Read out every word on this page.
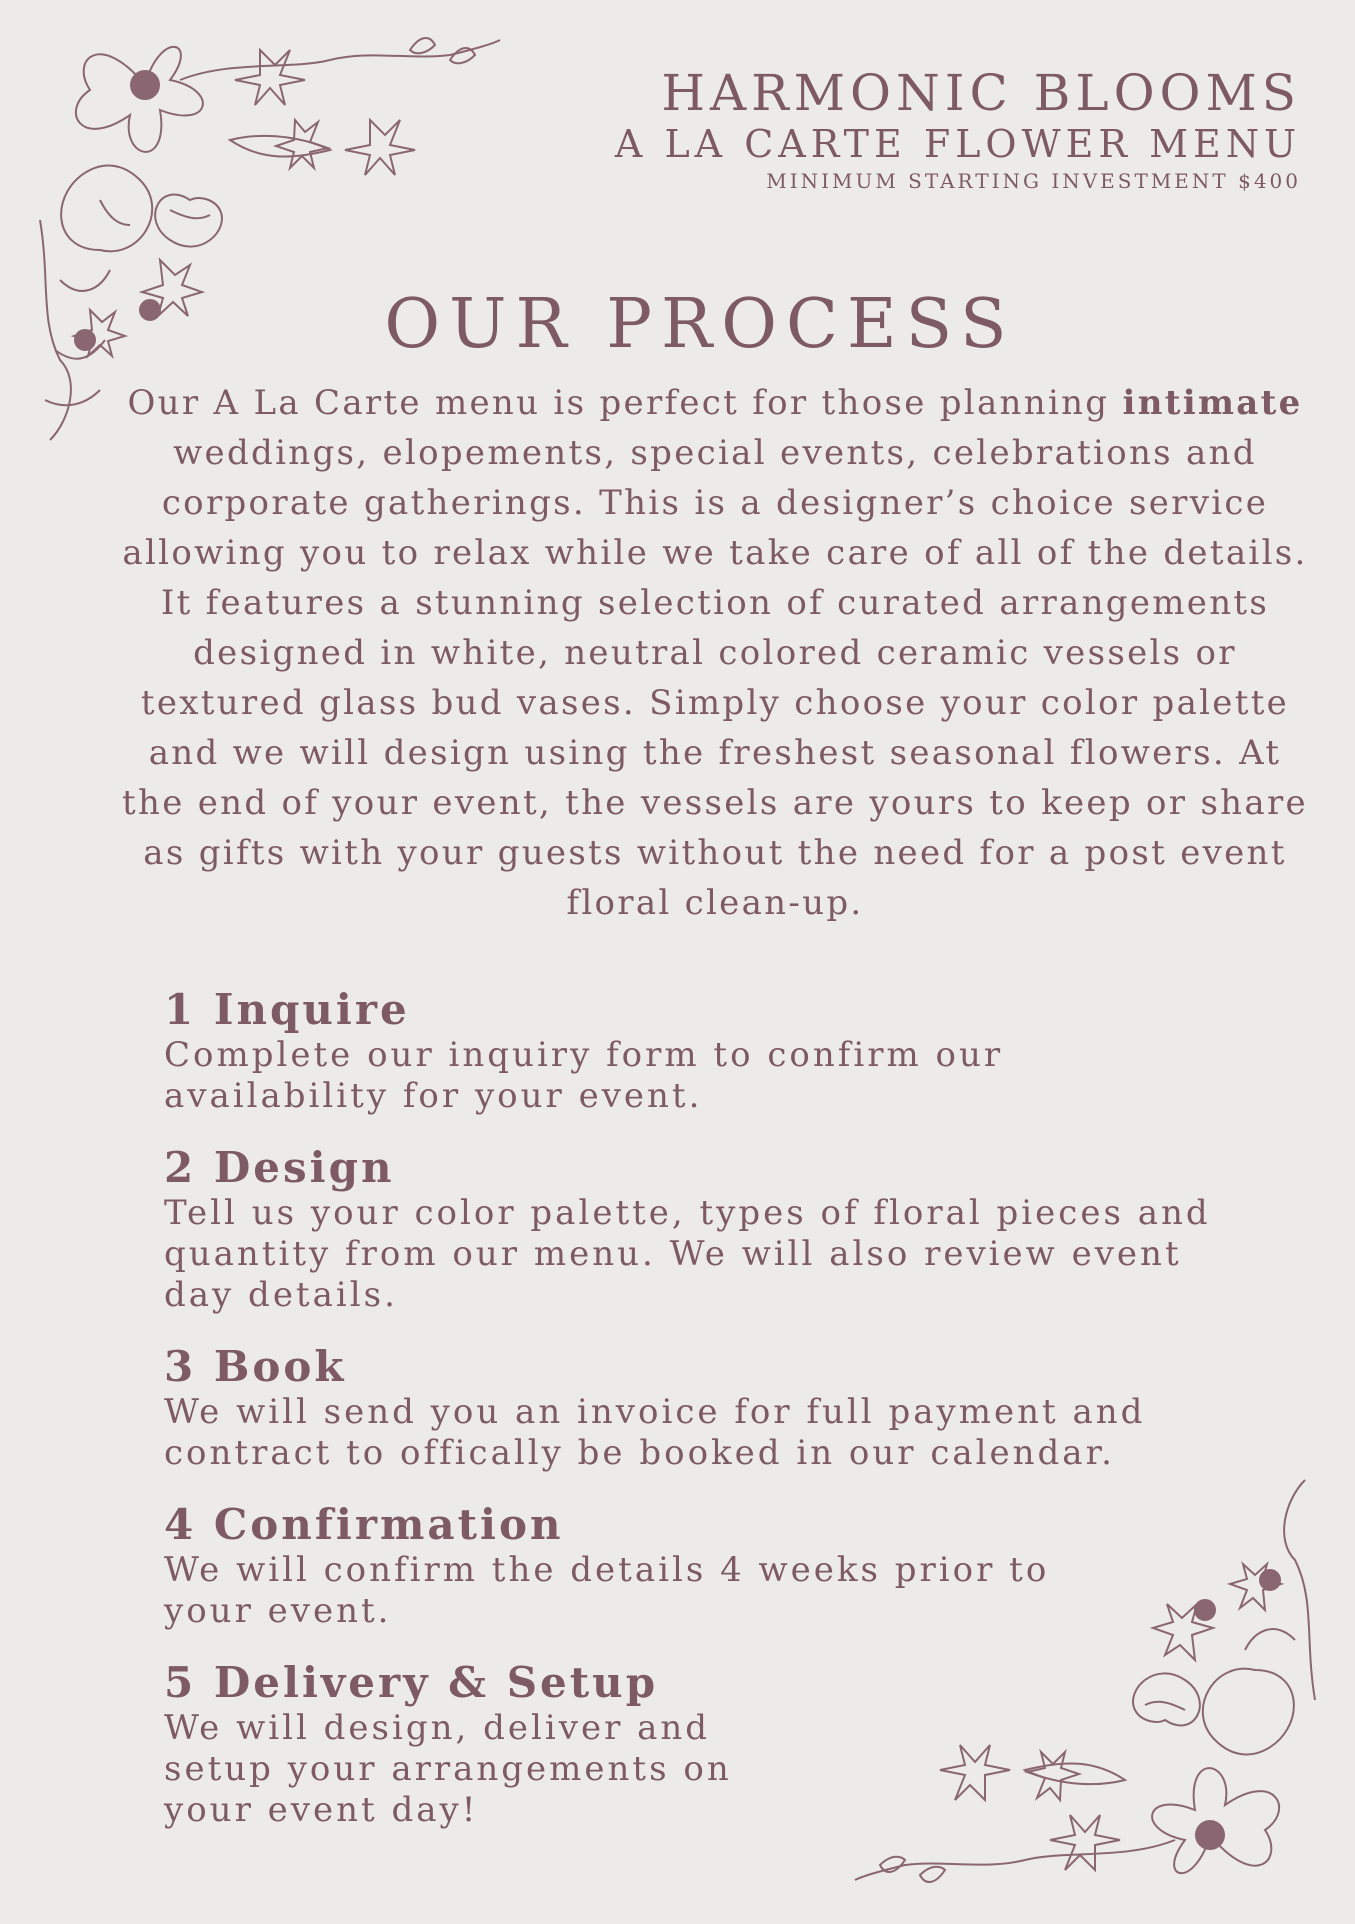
HARMONIC BLOOMS
A LA CARTE FLOWER MENU
MINIMUM STARTING INVESTMENT $400
OUR PROCESS

Our A La Carte menu is perfect for those planning intimate weddings, elopements, special events, celebrations and corporate gatherings. This is a designer’s choice service allowing you to relax while we take care of all of the details.

It features a stunning selection of curated arrangements designed in white, neutral colored ceramic vessels or textured glass bud vases. Simply choose your color palette and we will design using the freshest seasonal flowers. At the end of your event, the vessels are yours to keep or share as gifts with your guests without the need for a post event floral clean-up.

1 Inquire
Complete our inquiry form to confirm our availability for your event.
2 Design
Tell us your color palette, types of floral pieces and quantity from our menu. We will also review event day details.
3 Book
We will send you an invoice for full payment and contract to offically be booked in our calendar.
4 Confirmation
We will confirm the details 4 weeks prior to your event.
5 Delivery & Setup
We will design, deliver and setup your arrangements on your event day!
